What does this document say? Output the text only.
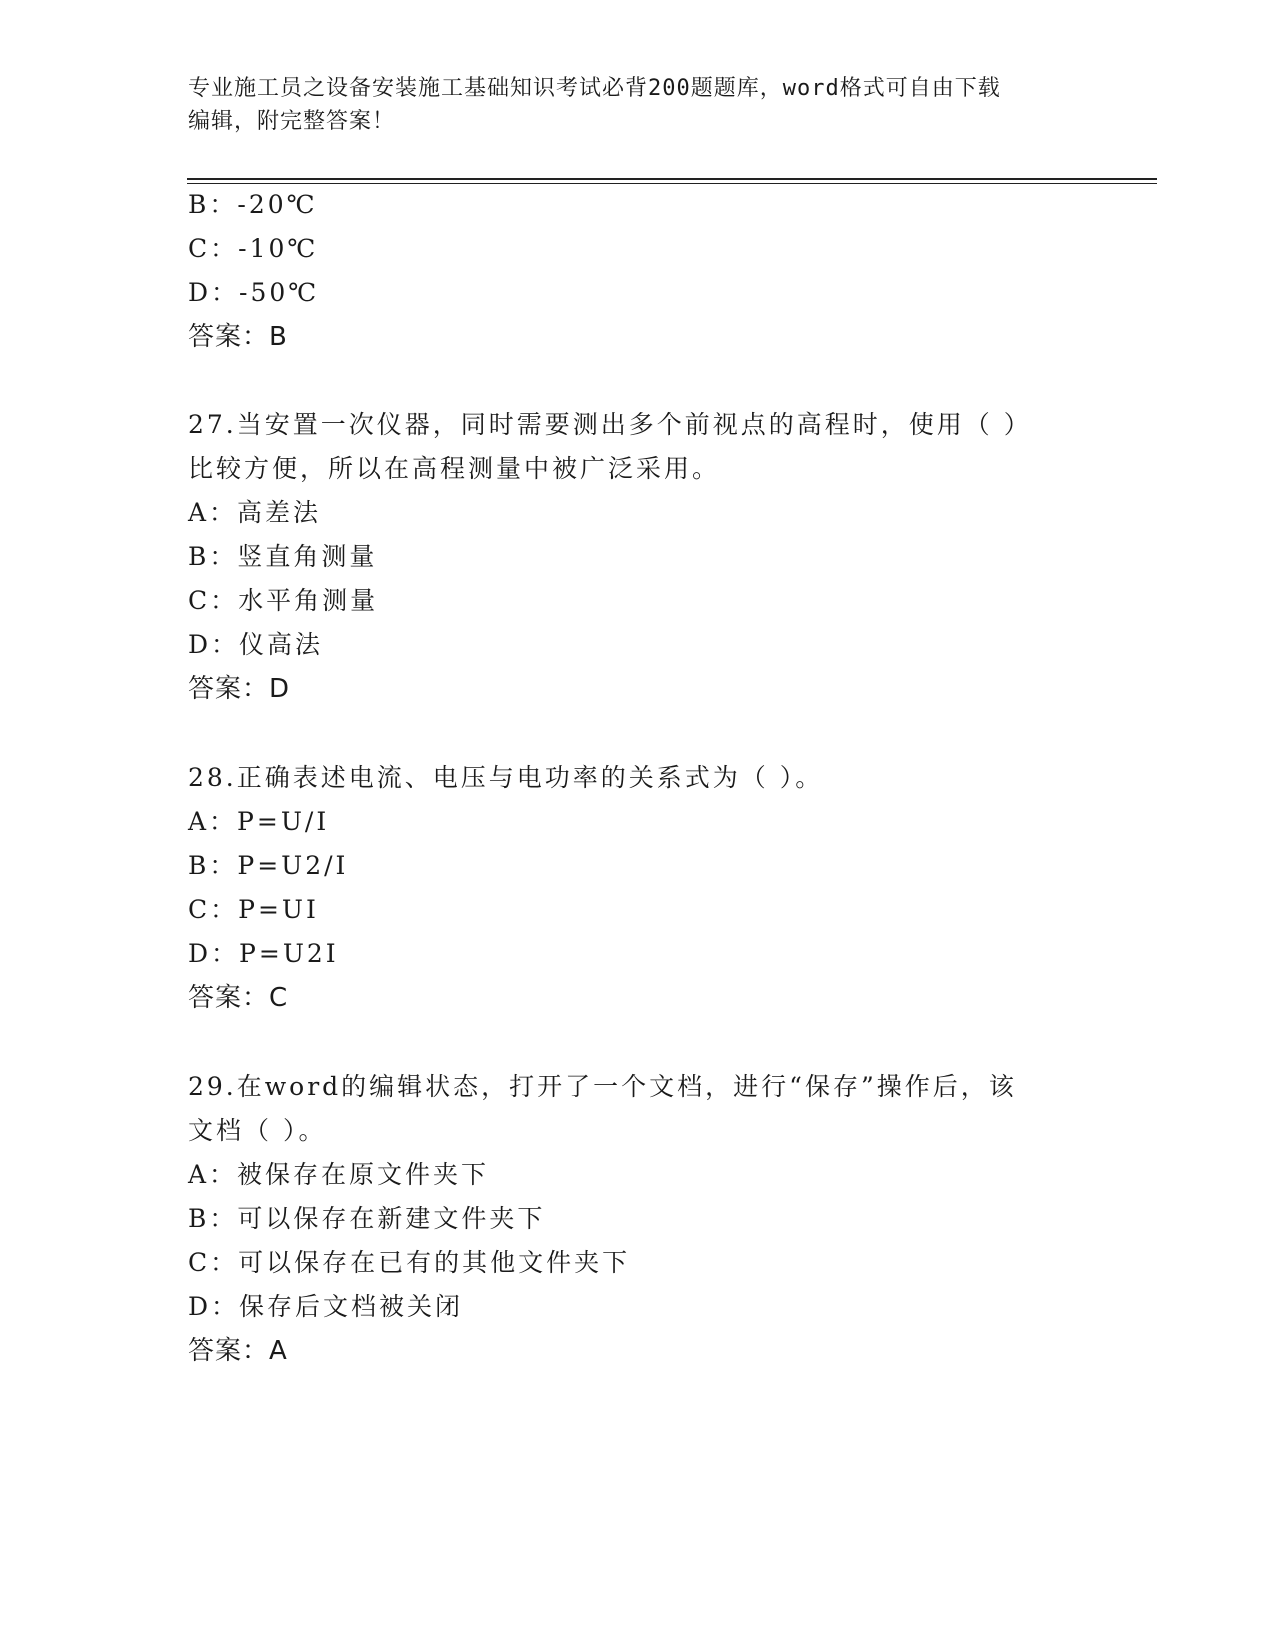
专业施工员之设备安装施工基础知识考试必背200题题库，word格式可自由下载
编辑，附完整答案！
B：-20℃
C：-10℃
D：-50℃
答案：B
27.当安置一次仪器，同时需要测出多个前视点的高程时，使用（ ）
比较方便，所以在高程测量中被广泛采用。
A：高差法
B：竖直角测量
C：水平角测量
D：仪高法
答案：D
28.正确表述电流、电压与电功率的关系式为（ ）。
A：P=U/I
B：P=U2/I
C：P=UI
D：P=U2I
答案：C
29.在word的编辑状态，打开了一个文档，进行“保存”操作后，该
文档（ ）。
A：被保存在原文件夹下
B：可以保存在新建文件夹下
C：可以保存在已有的其他文件夹下
D：保存后文档被关闭
答案：A
